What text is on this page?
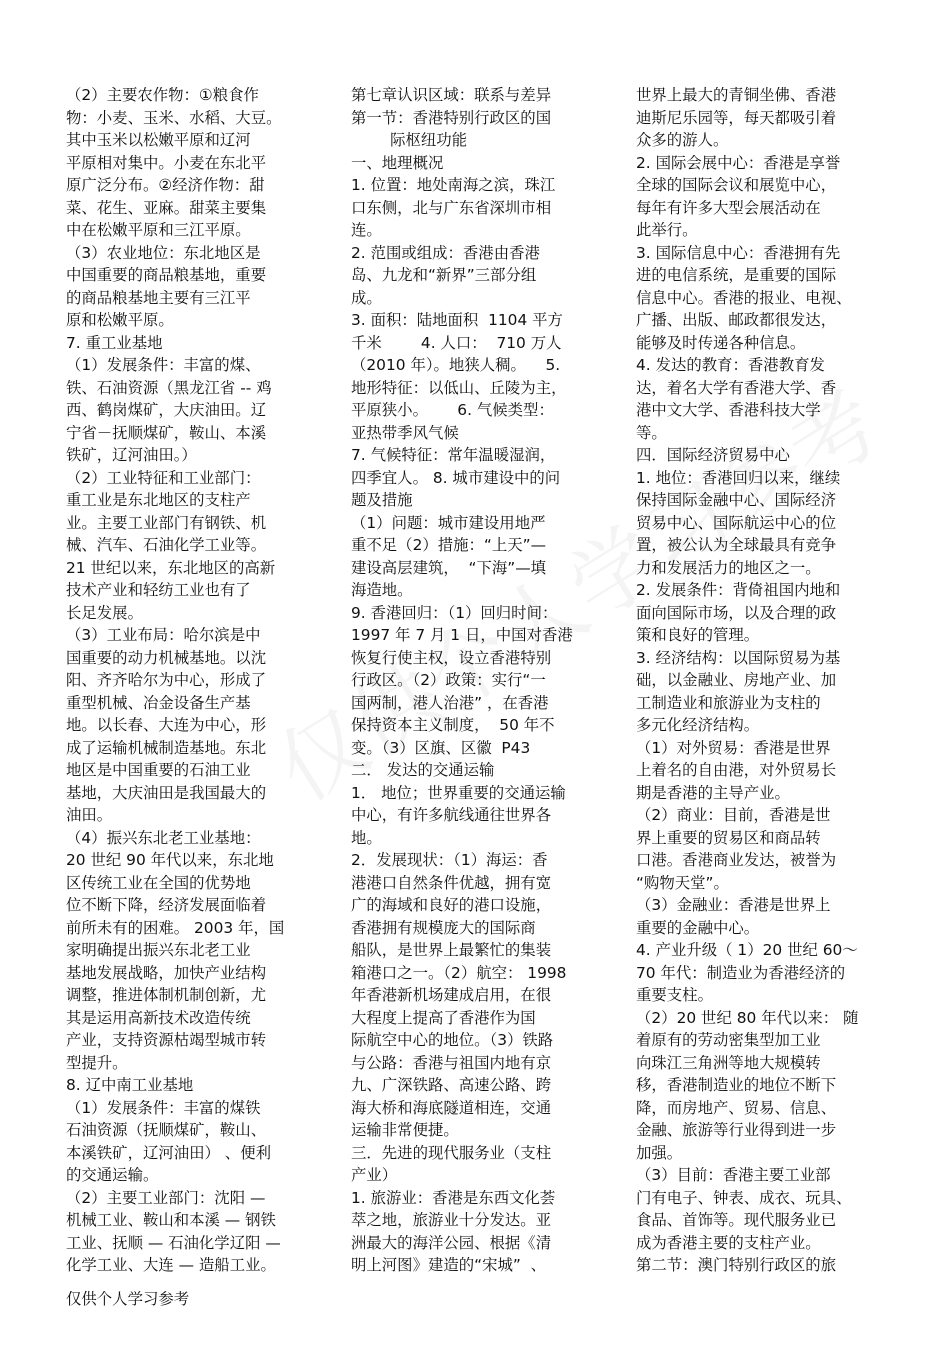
（2）主要农作物：①粮食作

物：小麦、玉米、水稻、大豆。

其中玉米以松嫩平原和辽河

平原相对集中。小麦在东北平

原广泛分布。②经济作物：甜

菜、花生、亚麻。甜菜主要集

中在松嫩平原和三江平原。

（3）农业地位：东北地区是

中国重要的商品粮基地，重要

的商品粮基地主要有三江平

原和松嫩平原。

7. 重工业基地

（1）发展条件：丰富的煤、

铁、石油资源（黑龙江省 -- 鸡

西、鹤岗煤矿，大庆油田。辽

宁省－抚顺煤矿，鞍山、本溪

铁矿，辽河油田。）

（2）工业特征和工业部门：

重工业是东北地区的支柱产

业。主要工业部门有钢铁、机

械、汽车、石油化学工业等。

21 世纪以来，东北地区的高新

技术产业和轻纺工业也有了

长足发展。

（3）工业布局：哈尔滨是中

国重要的动力机械基地。以沈

阳、齐齐哈尔为中心，形成了

重型机械、冶金设备生产基

地。以长春、大连为中心，形

成了运输机械制造基地。东北

地区是中国重要的石油工业

基地，大庆油田是我国最大的

油田。

（4）振兴东北老工业基地：

20 世纪 90 年代以来，东北地

区传统工业在全国的优势地

位不断下降，经济发展面临着

前所未有的困难。 2003 年，国

家明确提出振兴东北老工业

基地发展战略，加快产业结构

调整，推进体制机制创新，尤

其是运用高新技术改造传统

产业，支持资源枯竭型城市转

型提升。

8. 辽中南工业基地

（1）发展条件：丰富的煤铁

石油资源（抚顺煤矿，鞍山、

本溪铁矿，辽河油田） 、便利

的交通运输。

（2）主要工业部门：沈阳 —

机械工业、鞍山和本溪 — 钢铁

工业、抚顺 — 石油化学辽阳 —

化学工业、大连 — 造船工业。

第七章认识区域：联系与差异

第一节：香港特别行政区的国

际枢纽功能

一、地理概况

1. 位置：地处南海之滨，珠江

口东侧，北与广东省深圳市相

连。

2. 范围或组成：香港由香港

岛、九龙和“新界”三部分组

成。

3. 面积：陆地面积  1104 平方

千米        4. 人口：  710 万人

（2010 年）。地狭人稠。    5.

地形特征：以低山、丘陵为主，

平原狭小。      6. 气候类型：

亚热带季风气候

7. 气候特征：常年温暖湿润，

四季宜人。 8. 城市建设中的问

题及措施

（1）问题：城市建设用地严

重不足（2）措施：“上天”—

建设高层建筑，  “下海”—填

海造地。

9. 香港回归：（1）回归时间：

1997 年 7 月 1 日，中国对香港

恢复行使主权，设立香港特别

行政区。（2）政策：实行“一

国两制，港人治港” ，在香港

保持资本主义制度，  50 年不

变。（3）区旗、区徽  P43

二． 发达的交通运输

1． 地位；世界重要的交通运输

中心，有许多航线通往世界各

地。

2．发展现状：（1）海运：香

港港口自然条件优越，拥有宽

广的海域和良好的港口设施，

香港拥有规模庞大的国际商

船队，是世界上最繁忙的集装

箱港口之一。（2）航空： 1998

年香港新机场建成启用，在很

大程度上提高了香港作为国

际航空中心的地位。（3）铁路

与公路：香港与祖国内地有京

九、广深铁路、高速公路、跨

海大桥和海底隧道相连，交通

运输非常便捷。

三．先进的现代服务业（支柱

产业）

1. 旅游业：香港是东西文化荟

萃之地，旅游业十分发达。亚

洲最大的海洋公园、根据《清

明上河图》建造的“宋城”  、

世界上最大的青铜坐佛、香港

迪斯尼乐园等，每天都吸引着

众多的游人。

2. 国际会展中心：香港是享誉

全球的国际会议和展览中心，

每年有许多大型会展活动在

此举行。

3. 国际信息中心：香港拥有先

进的电信系统，是重要的国际

信息中心。香港的报业、电视、

广播、出版、邮政都很发达，

能够及时传递各种信息。

4. 发达的教育：香港教育发

达，着名大学有香港大学、香

港中文大学、香港科技大学

等。

四．国际经济贸易中心

1. 地位：香港回归以来，继续

保持国际金融中心、国际经济

贸易中心、国际航运中心的位

置，被公认为全球最具有竞争

力和发展活力的地区之一。

2. 发展条件：背倚祖国内地和

面向国际市场，以及合理的政

策和良好的管理。

3. 经济结构：以国际贸易为基

础，以金融业、房地产业、加

工制造业和旅游业为支柱的

多元化经济结构。

（1）对外贸易：香港是世界

上着名的自由港，对外贸易长

期是香港的主导产业。

（2）商业：目前，香港是世

界上重要的贸易区和商品转

口港。香港商业发达，被誉为

“购物天堂”。

（3）金融业：香港是世界上

重要的金融中心。

4. 产业升级（ 1）20 世纪 60～

70 年代：制造业为香港经济的

重要支柱。

（2）20 世纪 80 年代以来： 随

着原有的劳动密集型加工业

向珠江三角洲等地大规模转

移，香港制造业的地位不断下

降，而房地产、贸易、信息、

金融、旅游等行业得到进一步

加强。

（3）目前：香港主要工业部

门有电子、钟表、成衣、玩具、

食品、首饰等。现代服务业已

成为香港主要的支柱产业。

第二节：澳门特别行政区的旅

仅供个人学习参考
